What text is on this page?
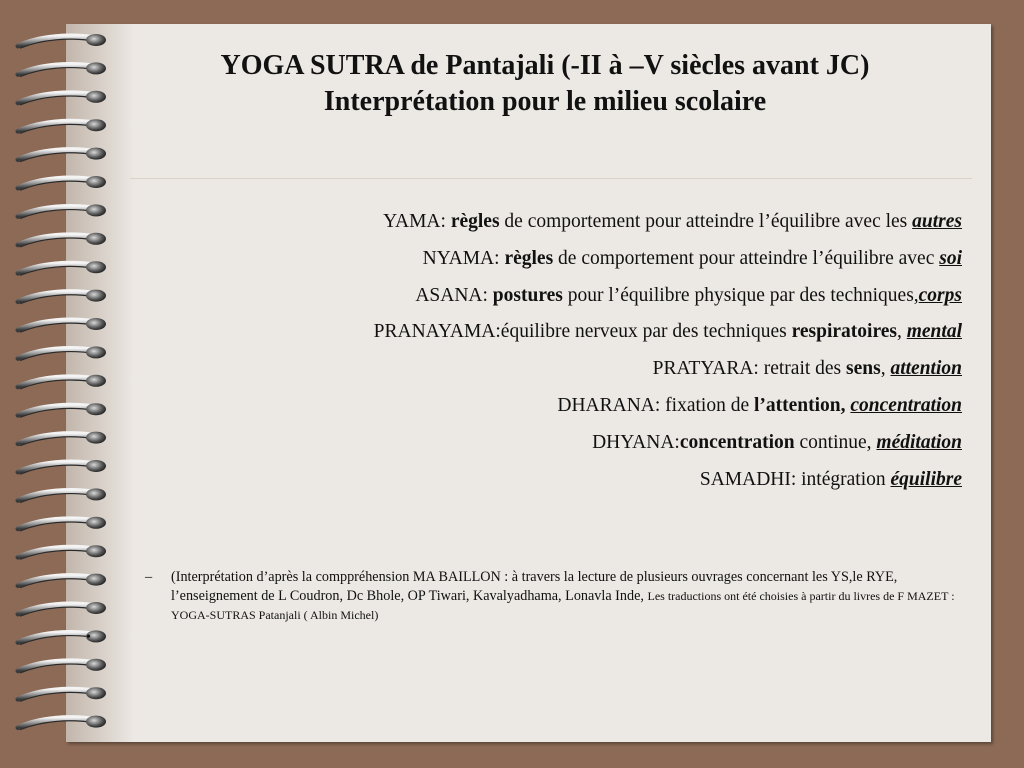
YOGA SUTRA de Pantajali (-II à –V siècles avant JC)
Interprétation pour le milieu scolaire
YAMA: règles de comportement pour atteindre l’équilibre avec les autres
NYAMA: règles de comportement pour atteindre l’équilibre avec soi
ASANA: postures pour l’équilibre physique par des techniques,corps
PRANAYAMA:équilibre nerveux par des techniques respiratoires, mental
PRATYARA: retrait des sens, attention
DHARANA: fixation de l’attention, concentration
DHYANA:concentration continue, méditation
SAMADHI: intégration équilibre
– (Interprétation d’après la comppréhension MA BAILLON : à travers la lecture de plusieurs ouvrages concernant les YS,le RYE, l’enseignement de L Coudron, Dc Bhole, OP Tiwari, Kavalyadhama, Lonavla Inde, Les traductions ont été choisies à partir du livres de F MAZET : YOGA-SUTRAS Patanjali ( Albin Michel)
•
